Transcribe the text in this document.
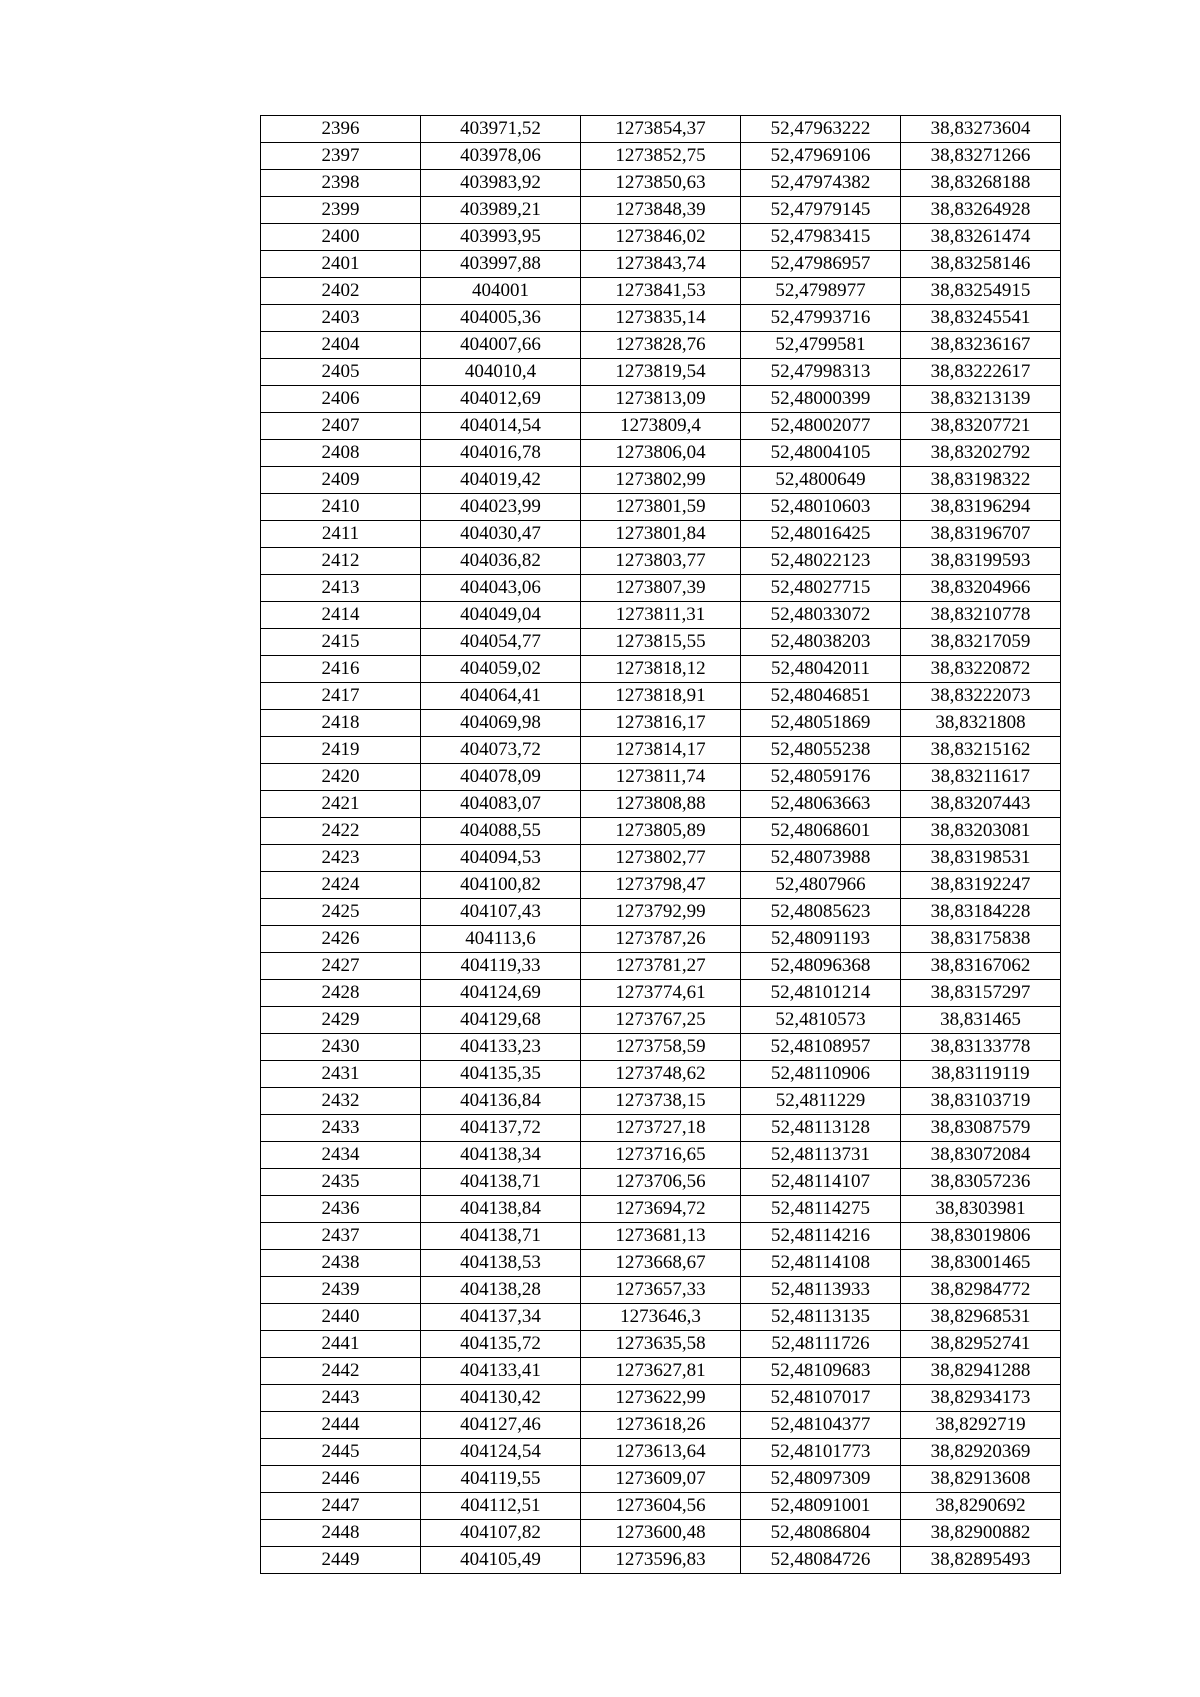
2396	403971,52	1273854,37	52,47963222	38,83273604
2397	403978,06	1273852,75	52,47969106	38,83271266
2398	403983,92	1273850,63	52,47974382	38,83268188
2399	403989,21	1273848,39	52,47979145	38,83264928
2400	403993,95	1273846,02	52,47983415	38,83261474
2401	403997,88	1273843,74	52,47986957	38,83258146
2402	404001	1273841,53	52,4798977	38,83254915
2403	404005,36	1273835,14	52,47993716	38,83245541
2404	404007,66	1273828,76	52,4799581	38,83236167
2405	404010,4	1273819,54	52,47998313	38,83222617
2406	404012,69	1273813,09	52,48000399	38,83213139
2407	404014,54	1273809,4	52,48002077	38,83207721
2408	404016,78	1273806,04	52,48004105	38,83202792
2409	404019,42	1273802,99	52,4800649	38,83198322
2410	404023,99	1273801,59	52,48010603	38,83196294
2411	404030,47	1273801,84	52,48016425	38,83196707
2412	404036,82	1273803,77	52,48022123	38,83199593
2413	404043,06	1273807,39	52,48027715	38,83204966
2414	404049,04	1273811,31	52,48033072	38,83210778
2415	404054,77	1273815,55	52,48038203	38,83217059
2416	404059,02	1273818,12	52,48042011	38,83220872
2417	404064,41	1273818,91	52,48046851	38,83222073
2418	404069,98	1273816,17	52,48051869	38,8321808
2419	404073,72	1273814,17	52,48055238	38,83215162
2420	404078,09	1273811,74	52,48059176	38,83211617
2421	404083,07	1273808,88	52,48063663	38,83207443
2422	404088,55	1273805,89	52,48068601	38,83203081
2423	404094,53	1273802,77	52,48073988	38,83198531
2424	404100,82	1273798,47	52,4807966	38,83192247
2425	404107,43	1273792,99	52,48085623	38,83184228
2426	404113,6	1273787,26	52,48091193	38,83175838
2427	404119,33	1273781,27	52,48096368	38,83167062
2428	404124,69	1273774,61	52,48101214	38,83157297
2429	404129,68	1273767,25	52,4810573	38,831465
2430	404133,23	1273758,59	52,48108957	38,83133778
2431	404135,35	1273748,62	52,48110906	38,83119119
2432	404136,84	1273738,15	52,4811229	38,83103719
2433	404137,72	1273727,18	52,48113128	38,83087579
2434	404138,34	1273716,65	52,48113731	38,83072084
2435	404138,71	1273706,56	52,48114107	38,83057236
2436	404138,84	1273694,72	52,48114275	38,8303981
2437	404138,71	1273681,13	52,48114216	38,83019806
2438	404138,53	1273668,67	52,48114108	38,83001465
2439	404138,28	1273657,33	52,48113933	38,82984772
2440	404137,34	1273646,3	52,48113135	38,82968531
2441	404135,72	1273635,58	52,48111726	38,82952741
2442	404133,41	1273627,81	52,48109683	38,82941288
2443	404130,42	1273622,99	52,48107017	38,82934173
2444	404127,46	1273618,26	52,48104377	38,8292719
2445	404124,54	1273613,64	52,48101773	38,82920369
2446	404119,55	1273609,07	52,48097309	38,82913608
2447	404112,51	1273604,56	52,48091001	38,8290692
2448	404107,82	1273600,48	52,48086804	38,82900882
2449	404105,49	1273596,83	52,48084726	38,82895493
